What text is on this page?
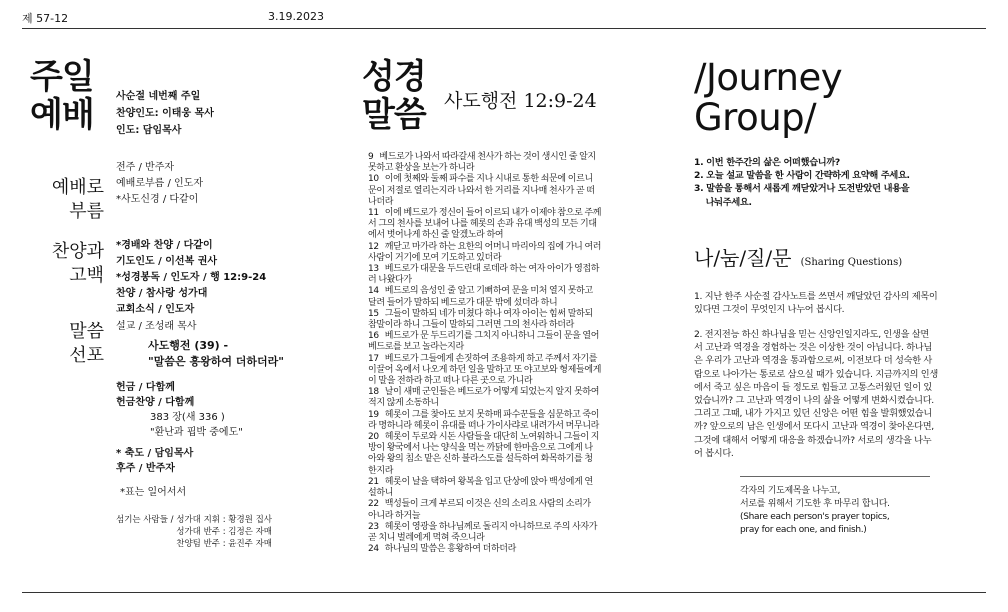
제 57-12	3.19.2023
주일
예배 사순절 네번째 주일
찬양인도: 이태웅 목사
인도: 담임목사
예배로
부름
전주 / 반주자
예배로부름 / 인도자
*사도신경 / 다같이
찬양과
고백
*경배와 찬양 / 다같이
기도인도 / 이선복 권사
*성경봉독 / 인도자 / 행 12:9-24
찬양 / 참사랑 성가대
교회소식 / 인도자
말씀
선포
설교 / 조성래 목사
사도행전 (39) -
"말씀은 흥왕하여 더하더라"
헌금 / 다함께
헌금찬양 / 다함께
383 장(새 336 )
"환난과 핍박 중에도"
* 축도 / 담임목사
후주 / 반주자
*표는 일어서서
섬기는 사람들 / 성가대 지휘 : 황경원 집사
성가대 반주 : 김정은 자매
찬양팀 반주 : 윤진주 자매
성경
말씀 사도행전 12:9-24

9   베드로가 나와서 따라갈새 천사가 하는 것이 생시인 줄 알지

못하고 환상을 보는가 하니라

10   이에 첫째와 둘째 파수를 지나 시내로 통한 쇠문에 이르니

문이 저절로 열리는지라 나와서 한 거리를 지나매 천사가 곧 떠

나더라

11   이에 베드로가 정신이 들어 이르되 내가 이제야 참으로 주께

서 그의 천사를 보내어 나를 헤롯의 손과 유대 백성의 모든 기대

에서 벗어나게 하신 줄 알겠노라 하여

12   깨닫고 마가라 하는 요한의 어머니 마리아의 집에 가니 여러

사람이 거기에 모여 기도하고 있더라

13   베드로가 대문을 두드린대 로데라 하는 여자 아이가 영접하

러 나왔다가

14   베드로의 음성인 줄 알고 기뻐하여 문을 미처 열지 못하고

달려 들어가 말하되 베드로가 대문 밖에 섰더라 하니

15   그들이 말하되 네가 미쳤다 하나 여자 아이는 힘써 말하되

참말이라 하니 그들이 말하되 그러면 그의 천사라 하더라

16   베드로가 문 두드리기를 그치지 아니하니 그들이 문을 열어

베드로를 보고 놀라는지라

17   베드로가 그들에게 손짓하여 조용하게 하고 주께서 자기를

이끌어 옥에서 나오게 하던 일을 말하고 또 야고보와 형제들에게

이 말을 전하라 하고 떠나 다른 곳으로 가니라

18   날이 새매 군인들은 베드로가 어떻게 되었는지 알지 못하여

적지 않게 소동하니

19   헤롯이 그를 찾아도 보지 못하매 파수꾼들을 심문하고 죽이

라 명하니라 헤롯이 유대를 떠나 가이사랴로 내려가서 머무니라

20   헤롯이 두로와 시돈 사람들을 대단히 노여워하니 그들이 지

방이 왕국에서 나는 양식을 먹는 까닭에 한마음으로 그에게 나

아와 왕의 침소 맡은 신하 블라스도를 설득하여 화목하기를 청

한지라

21   헤롯이 날을 택하여 왕복을 입고 단상에 앉아 백성에게 연

설하니

22   백성들이 크게 부르되 이것은 신의 소리요 사람의 소리가

아니라 하거늘

23   헤롯이 영광을 하나님께로 돌리지 아니하므로 주의 사자가

곧 치니 벌레에게 먹혀 죽으니라

24   하나님의 말씀은 흥왕하여 더하더라

/Journey
Group/

1. 이번 한주간의 삶은 어떠했습니까?

2. 오늘 설교 말씀을 한 사람이 간략하게 요약해 주세요.

3. 말씀을 통해서 새롭게 깨닫았거나 도전받았던 내용을

나눠주세요.

나/눔/질/문 (Sharing Questions)

1. 지난 한주 사순절 감사노트를 쓰면서 깨달았던 감사의 제목이

있다면 그것이 무엇인지 나누어 봅시다.

2. 전지전능 하신 하나님을 믿는 신앙인일지라도, 인생을 살면

서 고난과 역경을 경험하는 것은 이상한 것이 아닙니다. 하나님

은 우리가 고난과 역경을 통과함으로써, 이전보다 더 성숙한 사

람으로 나아가는 통로로 삼으실 때가 있습니다. 지금까지의 인생

에서 죽고 싶은 마음이 들 정도로 힘들고 고통스러웠던 일이 있

었습니까? 그 고난과 역경이 나의 삶을 어떻게 변화시켰습니다.

그리고 그때, 내가 가지고 있던 신앙은 어떤 힘을 발휘했었습니

까? 앞으로의 남은 인생에서 또다시 고난과 역경이 찾아온다면,

그것에 대해서 어떻게 대응을 하겠습니까? 서로의 생각을 나누

어 봅시다.

각자의 기도제목을 나누고,

서로를 위해서 기도한 후 마무리 합니다.

(Share each person's prayer topics,

pray for each one, and finish.)
